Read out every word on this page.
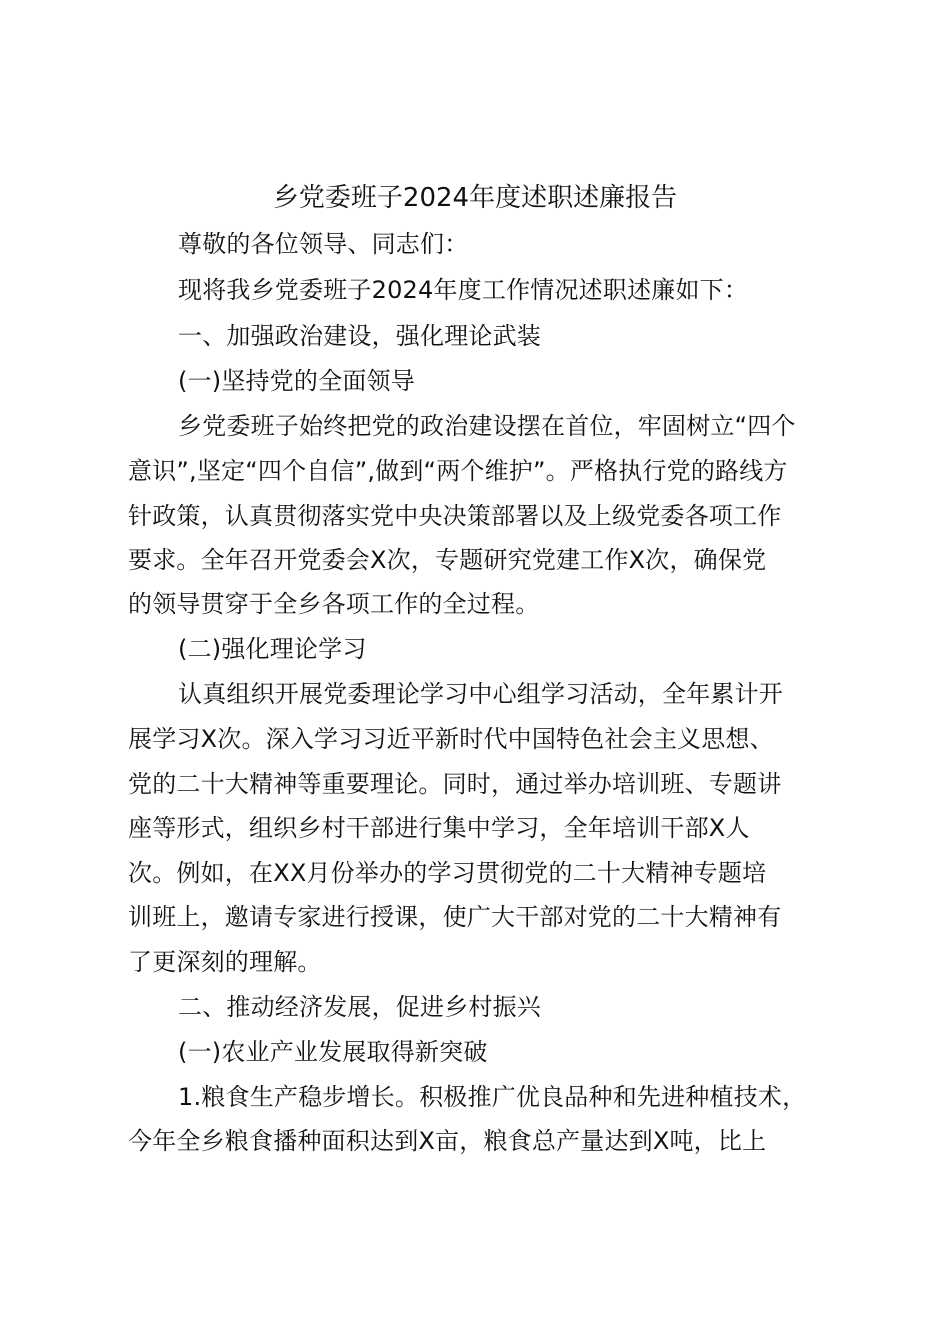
乡党委班子2024年度述职述廉报告
尊敬的各位领导、同志们：
现将我乡党委班子2024年度工作情况述职述廉如下：
一、加强政治建设，强化理论武装
(一)坚持党的全面领导
乡党委班子始终把党的政治建设摆在首位，牢固树立“四个
意识”,坚定“四个自信”,做到“两个维护”。严格执行党的路线方
针政策，认真贯彻落实党中央决策部署以及上级党委各项工作
要求。全年召开党委会X次，专题研究党建工作X次，确保党
的领导贯穿于全乡各项工作的全过程。
(二)强化理论学习
认真组织开展党委理论学习中心组学习活动，全年累计开
展学习X次。深入学习习近平新时代中国特色社会主义思想、
党的二十大精神等重要理论。同时，通过举办培训班、专题讲
座等形式，组织乡村干部进行集中学习，全年培训干部X人
次。例如，在XX月份举办的学习贯彻党的二十大精神专题培
训班上，邀请专家进行授课，使广大干部对党的二十大精神有
了更深刻的理解。
二、推动经济发展，促进乡村振兴
(一)农业产业发展取得新突破
1.粮食生产稳步增长。积极推广优良品种和先进种植技术，
今年全乡粮食播种面积达到X亩，粮食总产量达到X吨，比上
